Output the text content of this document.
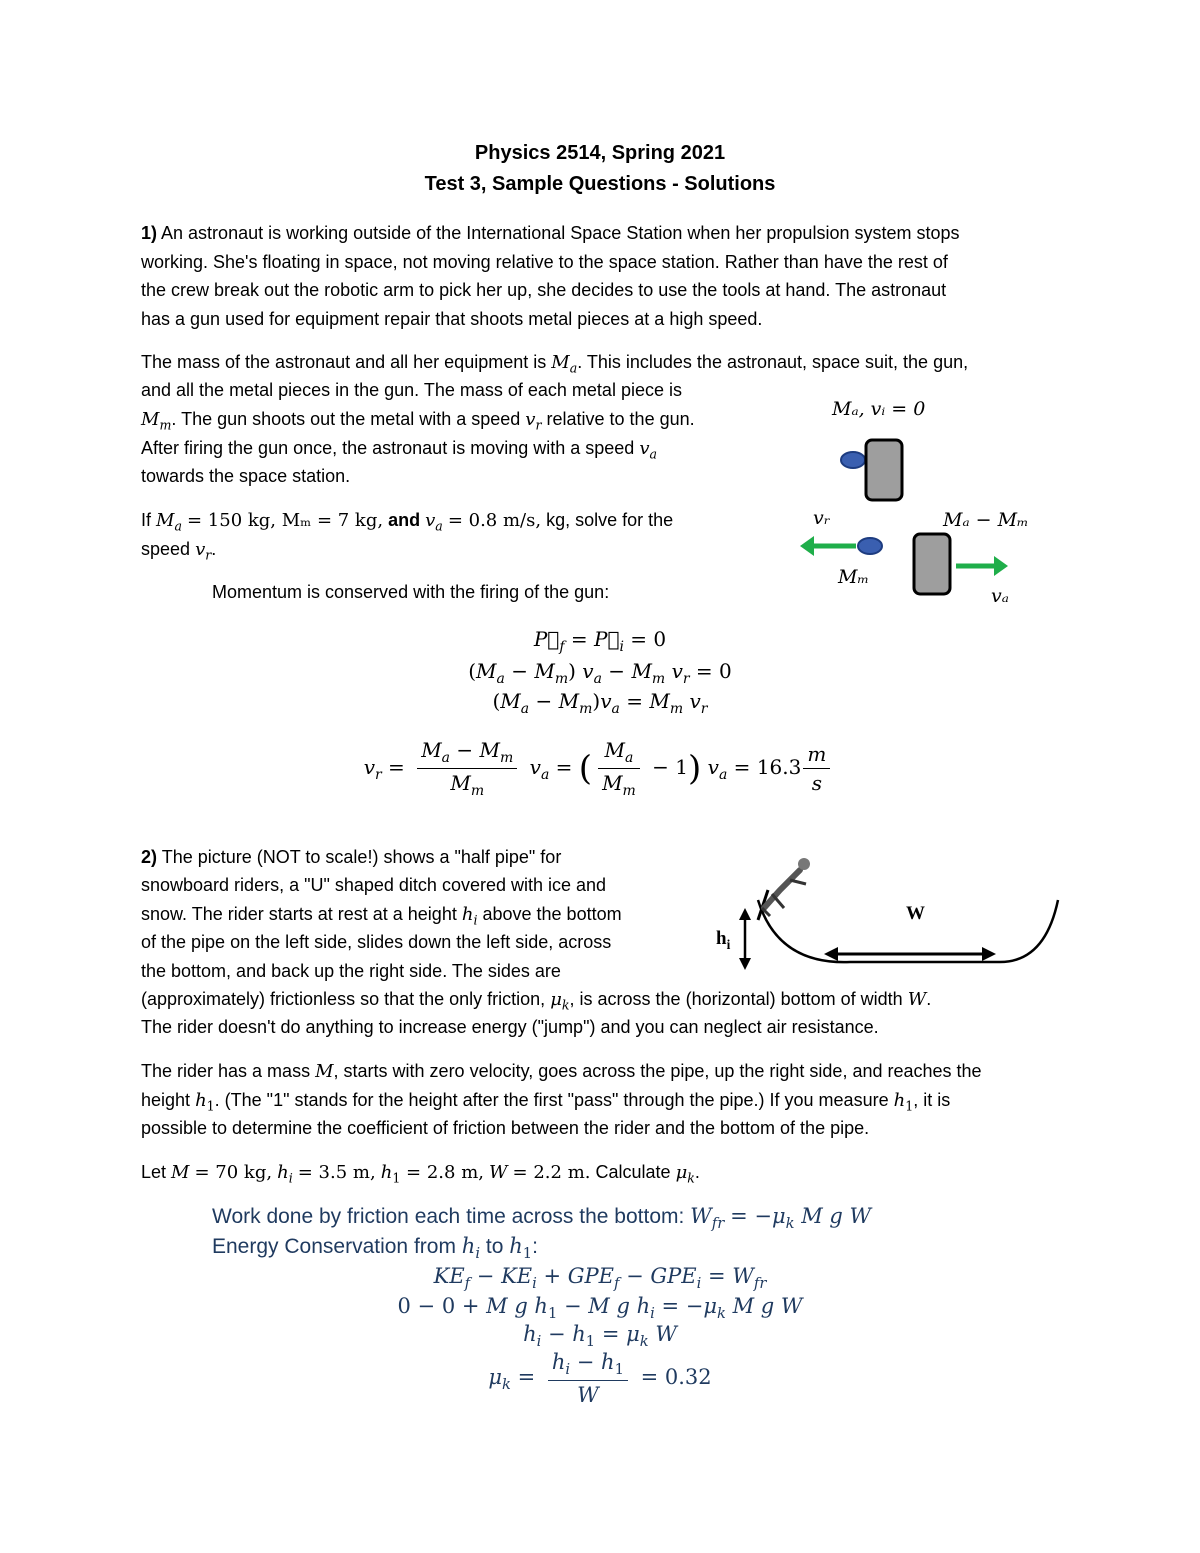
Physics 2514, Spring 2021
Test 3, Sample Questions - Solutions
1) An astronaut is working outside of the International Space Station when her propulsion system stops
working. She's floating in space, not moving relative to the space station. Rather than have the rest of
the crew break out the robotic arm to pick her up, she decides to use the tools at hand. The astronaut
has a gun used for equipment repair that shoots metal pieces at a high speed.
The mass of the astronaut and all her equipment is $M_a$. This includes the astronaut, space suit, the gun,
and all the metal pieces in the gun. The mass of each metal piece is
$M_m$. The gun shoots out the metal with a speed $v_r$ relative to the gun.
After firing the gun once, the astronaut is moving with a speed $v_a$
towards the space station.
If $M_a = 150$ kg, Mₘ = 7 kg, and $v_a = 0.8$ m/s, kg, solve for the
speed $v_r$.
Momentum is conserved with the firing of the gun:
$P⃗_f$ = $P⃗_i = 0$
$(M_a - M_m) v_a - M_m$ $v_r = 0$
$(M_a - M_m)v_a = M_m$ $v_r$
$v_r = \frac{M_a - M_m}{M_m} v_a$ = ( $\frac{M_a}{M_m} - 1$) $v_a = 16.3 \frac{m}{s}$
Mₐ, vᵢ = 0
vᵣ	Mₐ − Mₘ
Mₘ
vₐ
2) The picture (NOT to scale!) shows a "half pipe" for
snowboard riders, a "U" shaped ditch covered with ice and
snow. The rider starts at rest at a height $h_i$ above the bottom
of the pipe on the left side, slides down the left side, across
the bottom, and back up the right side. The sides are
(approximately) frictionless so that the only friction, $\mu_k$, is across the (horizontal) bottom of width W.
The rider doesn't do anything to increase energy ("jump") and you can neglect air resistance.
The rider has a mass M, starts with zero velocity, goes across the pipe, up the right side, and reaches the
height $h_1$. (The "1" stands for the height after the first "pass" through the pipe.) If you measure $h_1$, it is
possible to determine the coefficient of friction between the rider and the bottom of the pipe.
Let M = 70 kg, $h_i = 3.5$ m, $h_1 = 2.8$ m, W = 2.2 m. Calculate $\mu_k$.
W
$h_i$
Work done by friction each time across the bottom: $W_{fr} = -\mu_k$ M g W
Energy Conservation from $h_i$ to $h_1$:
$KE_f - KE_i + GPE_f - GPE_i = W_{fr}$
0 − 0 + M g $h_1 - M$ g $h_i = -\mu_k$ M g W
$h_i - h_1 = \mu_k$ W
$\mu_k = \frac{h_i - h_1}{W} = 0.32$
